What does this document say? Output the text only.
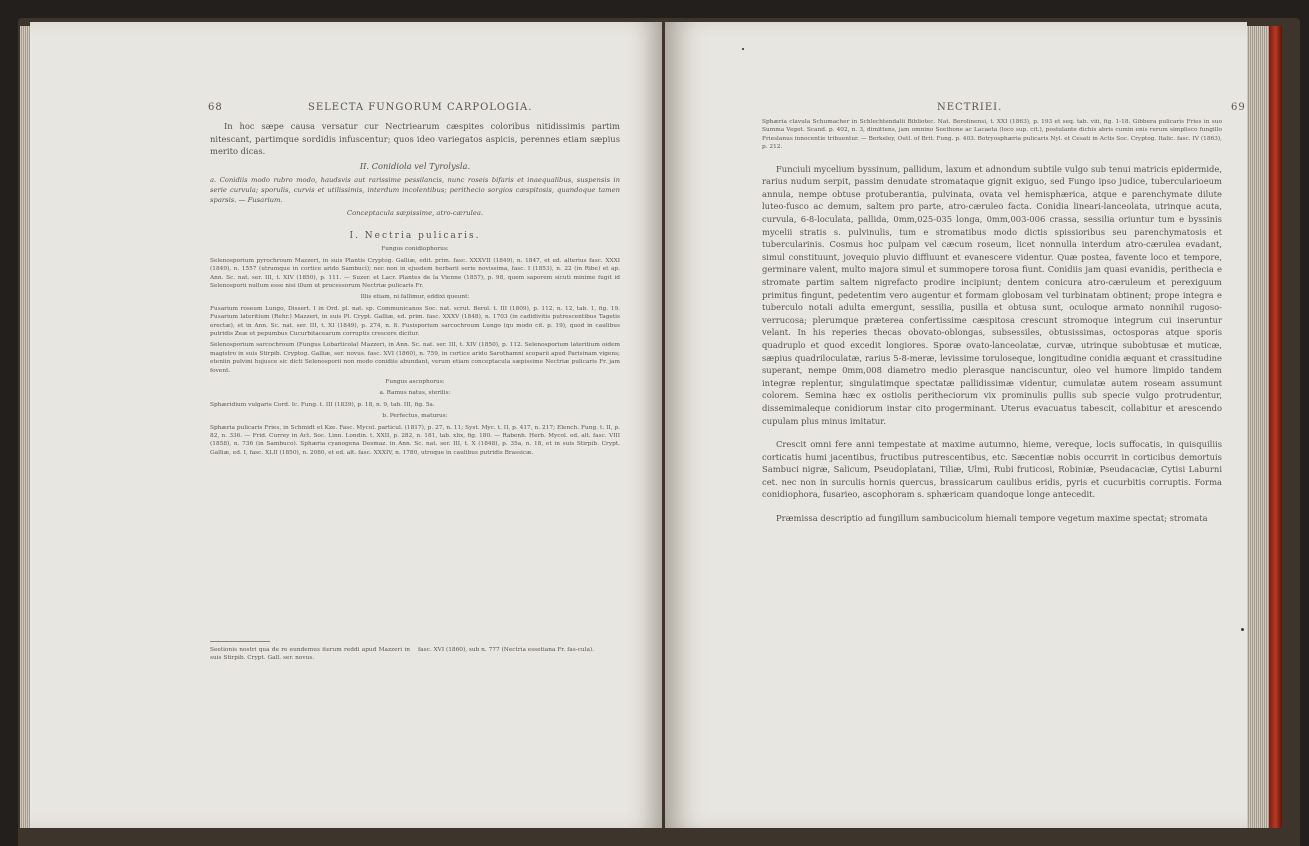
68	SELECTA FUNGORUM CARPOLOGIA.

In hoc sæpe causa versatur cur Nectriearum cæspites coloribus nitidissimis partim nitescant, partimque sordidis infuscentur; quos ideo variegatos aspicis, perennes etiam sæpius merito dicas.

II. Conidiola vel Tyrolysla.

a. Conidiis modo rubro modo, haudsvis aut rarissime pessilancis, nunc roseis bifaris et inaequalibus, suspensis in serie curvula; sporulis, curvis et utilissimis, interdum incolentibus; perithecio sorgios cæspitosis, quandoque tamen sparsis. — Fusarium.

Conceptacula sæpissime, atro-cærulea.

I. Nectria pulicaris.

Fungus conidiophorus:

Selenosporium pyrochroum Mazzeri, in suis Plantis Cryptog. Galliæ, edit. prim. fasc. XXXVII (1849), n. 1847, et ed. alterius fasc. XXXI (1849), n. 1557 (utrumque in cortice arido Sambuci); nec non in ejusdem herbarii serie novissima, fasc. I (1853), n. 22 (in Ribe) et ap. Ann. Sc. nat. ser. III, t. XIV (1850), p. 111. — Suzer. et Lacr. Plantes de la Vienne (1857), p. 98, quem saporem sicuti minime fugit id Selenosporii nullum esse nisi illum ut processorum Nectriæ pulicaris Fr.

Illis etiam, ni fallimur, eddixi queunt:

Fusarium roseum Lungo, Dissert. I in Ord. pl. nat. sp. Communicanos Soc. nat. scrut. Berol. t. III (1809), p. 112, n. 12, tab. 1, fig. 19. Fusarium lateritium (Rehr.) Mazzeri, in suis Pl. Crypt. Galliæ, ed. prim. fasc. XXXV (1848), n. 1703 (in cadidivitis putrescentibus Tagetis erectæ), et in Ann. Sc. nat. ser. III, t. XI (1849), p. 274, n. 8. Fusisporium sarcochroum Lungo (qu modo cit. p. 19), quod in caulibus putridis Zeæ et pepumbus Cucurbitacearum corruptis crescere dicitur.

Selenosporium sarcochroum (Fungus Lobarticola) Mazzeri, in Ann. Sc. nat. ser. III, t. XIV (1850), p. 112. Selenosporium lateritium oidem magistro in suis Stirpib. Cryptog. Galliæ, ser. novus. fasc. XVI (1860), n. 759, in cortice arido Sarothamni scoparii apud Parisinam vigens; eteniin pulvini hujusce sic dicti Selenosporii non modo conidiis abundant, verum etiam conceptacula sæpissime Nectriæ pulicaris Fr. jam fovent.

Fungus ascophorus:

a. Ramus natus, sterilis:

Sphæridium vulgaris Cord. Ic. Fung. t. III (1839), p. 18, n. 9, tab. III, fig. 5a.

b. Perfectus, maturus:

Sphæria pulicaris Fries, in Schmidt et Kze. Fasc. Mycol. particul. (1817), p. 27, n. 11; Syst. Myc. t. II, p. 417, n. 217; Elench. Fung. t. II, p. 82, n. 336. — Frid. Currey in Act. Soc. Linn. Londin. t. XXII, p. 282, n. 181, tab. xlix, fig. 180. — Rabenh. Herb. Mycol. ed. alt. fasc. VIII (1858), n. 736 (in Sambuco). Sphæria cyanogena Desmaz. in Ann. Sc. nat. ser. III, t. X (1848), p. 35a, n. 18, et in suis Stirpib. Crypt. Galliæ, ed. I, fasc. XLII (1850), n. 2080, et ed. alt. fasc. XXXIV, n. 1780, utroque in caulibus putridis Brassicæ.

Seetionis nostri qua de re eundemus iterum reddi apud Mazzeri in suis Stirpib. Crypt. Gall. ser. novus.
fasc. XVI (1860), sub n. 777 (Nectria essetiana Fr. fas-cula).
NECTRIEI.	69

Sphæria clavula Schumacher in Schlechtendalii Bibliotec. Nat. Berolinensi, t. XXI (1863), p. 193 et seq. tab. viii, fig. 1-18. Gibbera pulicaris Fries in suo Summa Veget. Scand. p. 402, n. 3, dimittens, jam omnino Seethone ac Lacaeta (loco sup. cit.), postulante dichis abris cumin enis rerum simplisco fungillo Frieslanus innocentie tribuentur. — Berkeley, Outl. of Brit. Fung. p. 403. Botryosphæria pulicaris Nyl. et Cesati in Actis Soc. Cryptog. Italic. fasc. IV (1863), p. 212.

Funciuli mycelium byssinum, pallidum, laxum et adnondum subtile vulgo sub tenui matricis epidermide, rarius nudum serpit, passim denudate stromataque gignit exiguo, sed Fungo ipso judice, tubercularioeum annula, nempe obtuse protuberantia, pulvinata, ovata vel hemisphærica, atque e parenchymate dilute luteo-fusco ac demum, saltem pro parte, atro-cæruleo facta. Conidia lineari-lanceolata, utrinque acuta, curvula, 6-8-loculata, pallida, 0mm,025-035 longa, 0mm,003-006 crassa, sessilia oriuntur tum e byssinis mycelii stratis s. pulvinulis, tum e stromatibus modo dictis spissioribus seu parenchymatosis et tubercularinis. Cosmus hoc pulpam vel cæcum roseum, licet nonnulla interdum atro-cærulea evadant, simul constituunt, jovequio pluvio diffluunt et evanescere videntur. Quæ postea, favente loco et tempore, germinare valent, multo majora simul et summopere torosa fiunt. Conidiis jam quasi evanidis, perithecia e stromate partim saltem nigrefacto prodire incipiunt; dentem conicura atro-cæruleum et perexiguum primitus fingunt, pedetentim vero augentur et formam globosam vel turbinatam obtinent; prope integra e tuberculo notali adulta emergunt, sessilia, pusilla et obtusa sunt, oculoque armato nonnihil rugoso-verrucosa; plerumque præterea confertissime cæspitosa crescunt stromoque integrum cui inseruntur velant. In his reperies thecas obovato-oblongas, subsessiles, obtusissimas, octosporas atque sporis quadruplo et quod excedit longiores. Sporæ ovato-lanceolatæ, curvæ, utrinque subobtusæ et muticæ, sæpius quadriloculatæ, rarius 5-8-meræ, levissime toruloseque, longitudine conidia æquant et crassitudine superant, nempe 0mm,008 diametro medio plerasque nanciscuntur, oleo vel humore limpido tandem integræ replentur, singulatimque spectatæ pallidissimæ videntur, cumulatæ autem roseam assumunt colorem. Semina hæc ex ostiolis peritheciorum vix prominulis pullis sub specie vulgo protrudentur, dissemimaleque conidiorum instar cito progerminant. Uterus evacuatus tabescit, collabitur et arescendo cupulam plus minus imitatur.

Crescit omni fere anni tempestate at maxime autumno, hieme, vereque, locis suffocatis, in quisquiliis corticatis humi jacentibus, fructibus putrescentibus, etc. Sæcentiæ nobis occurrit in corticibus demortuis Sambuci nigræ, Salicum, Pseudoplatani, Tiliæ, Ulmi, Rubi fruticosi, Robiniæ, Pseudacaciæ, Cytisi Laburni cet. nec non in surculis hornis quercus, brassicarum caulibus eridis, pyris et cucurbitis corruptis. Forma conidiophora, fusarieo, ascophoram s. sphæricam quandoque longe antecedit.

Præmissa descriptio ad fungillum sambucicolum hiemali tempore vegetum maxime spectat; stromata
